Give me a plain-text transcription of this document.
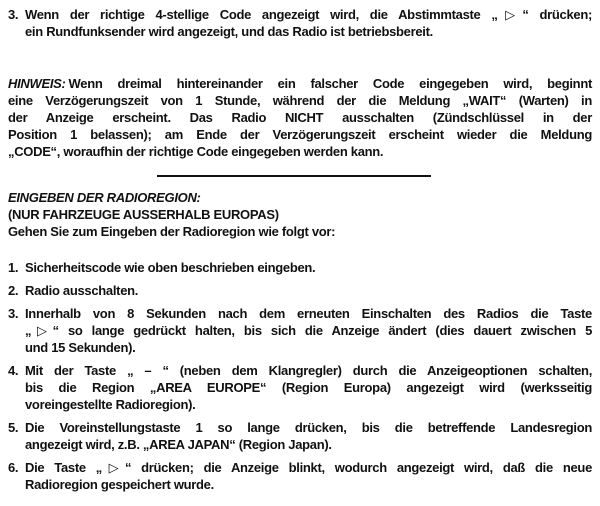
3. Wenn der richtige 4-stellige Code angezeigt wird, die Abstimmtaste „▷“ drücken;
ein Rundfunksender wird angezeigt, und das Radio ist betriebsbereit.
HINWEIS: Wenn dreimal hintereinander ein falscher Code eingegeben wird, beginnt
eine Verzögerungszeit von 1 Stunde, während der die Meldung „WAIT“ (Warten) in
der Anzeige erscheint. Das Radio NICHT ausschalten (Zündschlüssel in der
Position 1 belassen); am Ende der Verzögerungszeit erscheint wieder die Meldung
„CODE“, woraufhin der richtige Code eingegeben werden kann.
EINGEBEN DER RADIOREGION:
(NUR FAHRZEUGE AUSSERHALB EUROPAS)
Gehen Sie zum Eingeben der Radioregion wie folgt vor:
1. Sicherheitscode wie oben beschrieben eingeben.
2. Radio ausschalten.
3. Innerhalb von 8 Sekunden nach dem erneuten Einschalten des Radios die Taste
„▷“ so lange gedrückt halten, bis sich die Anzeige ändert (dies dauert zwischen 5
und 15 Sekunden).
4. Mit der Taste „ – “ (neben dem Klangregler) durch die Anzeigeoptionen schalten,
bis die Region „AREA EUROPE“ (Region Europa) angezeigt wird (werksseitig
voreingestellte Radioregion).
5. Die Voreinstellungstaste 1 so lange drücken, bis die betreffende Landesregion
angezeigt wird, z.B. „AREA JAPAN“ (Region Japan).
6. Die Taste „▷“ drücken; die Anzeige blinkt, wodurch angezeigt wird, daß die neue
Radioregion gespeichert wurde.
